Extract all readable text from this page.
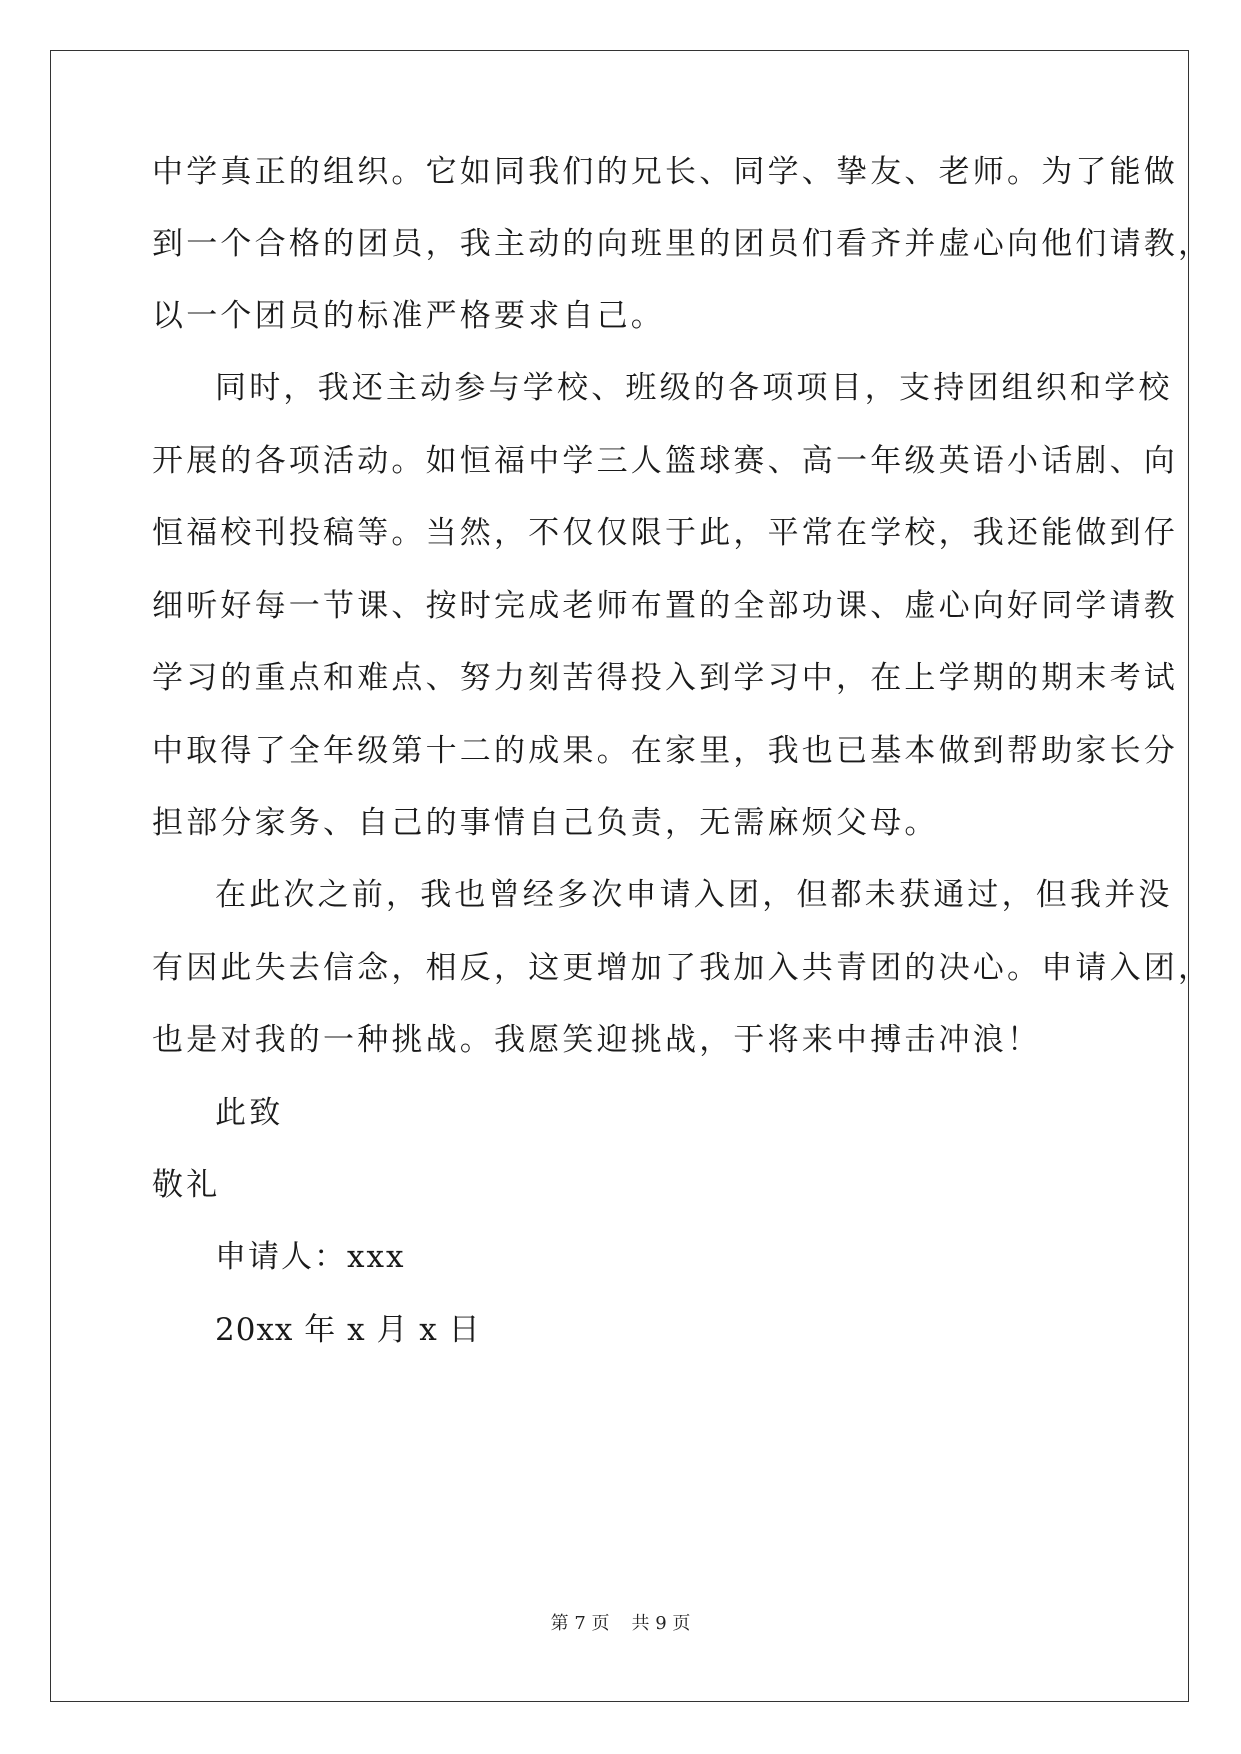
中学真正的组织。它如同我们的兄长、同学、挚友、老师。为了能做
到一个合格的团员，我主动的向班里的团员们看齐并虚心向他们请教，
以一个团员的标准严格要求自己。
同时，我还主动参与学校、班级的各项项目，支持团组织和学校
开展的各项活动。如恒福中学三人篮球赛、高一年级英语小话剧、向
恒福校刊投稿等。当然，不仅仅限于此，平常在学校，我还能做到仔
细听好每一节课、按时完成老师布置的全部功课、虚心向好同学请教
学习的重点和难点、努力刻苦得投入到学习中，在上学期的期末考试
中取得了全年级第十二的成果。在家里，我也已基本做到帮助家长分
担部分家务、自己的事情自己负责，无需麻烦父母。
在此次之前，我也曾经多次申请入团，但都未获通过，但我并没
有因此失去信念，相反，这更增加了我加入共青团的决心。申请入团，
也是对我的一种挑战。我愿笑迎挑战，于将来中搏击冲浪！
此致
敬礼
申请人：xxx
20xx 年 x 月 x 日
第 7 页 共 9 页
